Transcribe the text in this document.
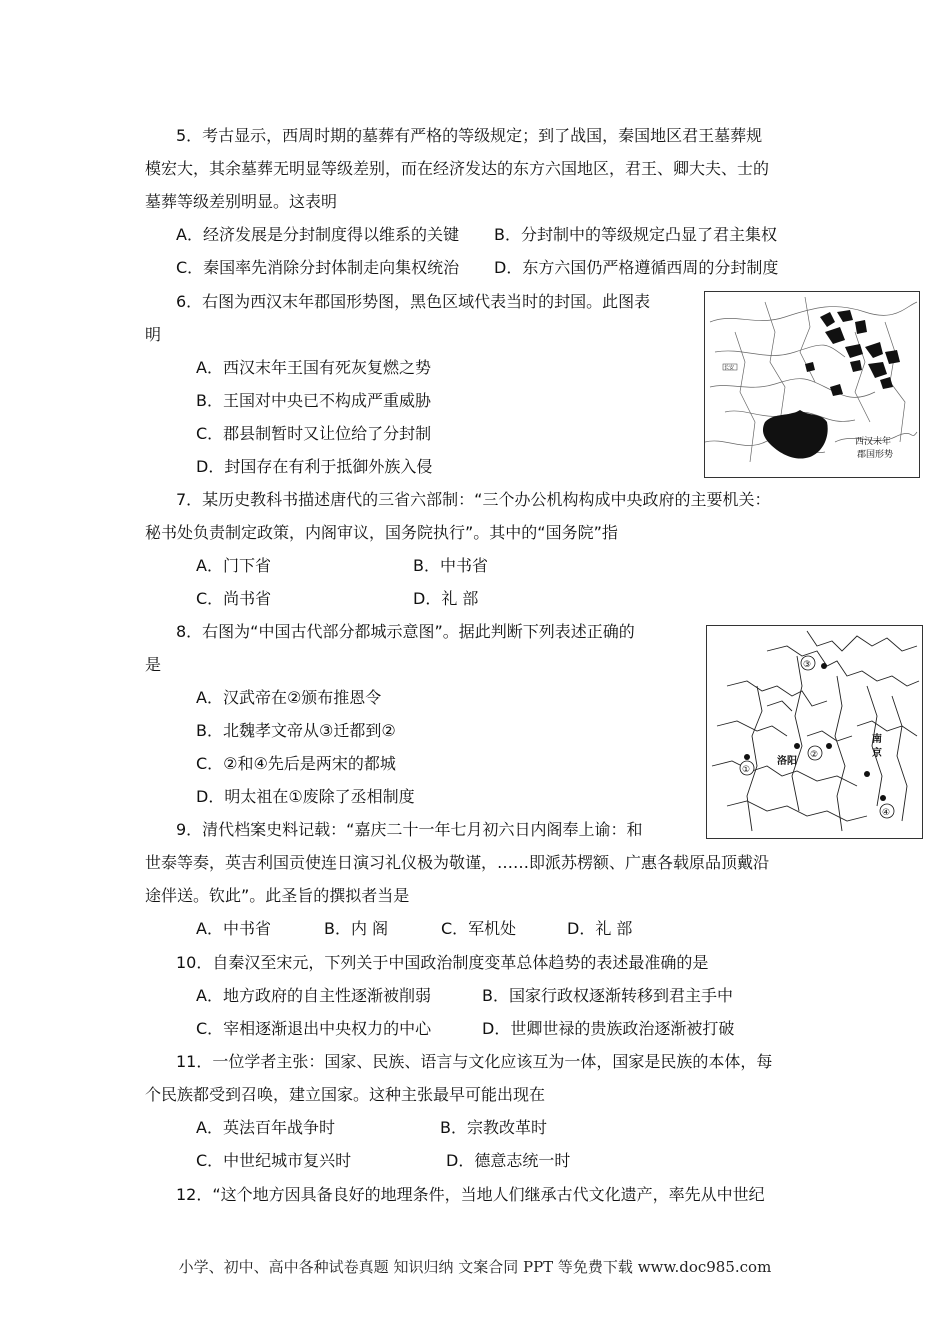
5．考古显示，西周时期的墓葬有严格的等级规定；到了战国，秦国地区君王墓葬规
模宏大，其余墓葬无明显等级差别，而在经济发达的东方六国地区，君王、卿大夫、士的
墓葬等级差别明显。这表明
A．经济发展是分封制度得以维系的关键 B．分封制中的等级规定凸显了君主集权
C．秦国率先消除分封体制走向集权统治 D．东方六国仍严格遵循西周的分封制度
6．右图为西汉末年郡国形势图，黑色区域代表当时的封国。此图表
明
A．西汉末年王国有死灰复燃之势
B．王国对中央已不构成严重威胁
C．郡县制暂时又让位给了分封制
D．封国存在有利于抵御外族入侵
长安
西汉末年
郡国形势
7．某历史教科书描述唐代的三省六部制：“三个办公机构构成中央政府的主要机关：
秘书处负责制定政策，内阁审议，国务院执行”。其中的“国务院”指
A．门下省	B．中书省
C．尚书省	D．礼 部
8．右图为“中国古代部分都城示意图”。据此判断下列表述正确的
是
A．汉武帝在②颁布推恩令
B．北魏孝文帝从③迁都到②
C．②和④先后是两宋的都城
D．明太祖在①废除了丞相制度
①
②
③
④
洛阳
南
京
9．清代档案史料记载：“嘉庆二十一年七月初六日内阁奉上谕：和
世泰等奏，英吉利国贡使连日演习礼仪极为敬谨，……即派苏楞额、广惠各载原品顶戴沿
途伴送。钦此”。此圣旨的撰拟者当是
A．中书省	B．内 阁	C．军机处	D．礼 部
10．自秦汉至宋元，下列关于中国政治制度变革总体趋势的表述最准确的是
A．地方政府的自主性逐渐被削弱	B．国家行政权逐渐转移到君主手中
C．宰相逐渐退出中央权力的中心	D．世卿世禄的贵族政治逐渐被打破
11．一位学者主张：国家、民族、语言与文化应该互为一体，国家是民族的本体，每
个民族都受到召唤，建立国家。这种主张最早可能出现在
A．英法百年战争时	B．宗教改革时
C．中世纪城市复兴时	D．德意志统一时
12．“这个地方因具备良好的地理条件，当地人们继承古代文化遗产，率先从中世纪
小学、初中、高中各种试卷真题 知识归纳 文案合同 PPT 等免费下载 www.doc985.com
